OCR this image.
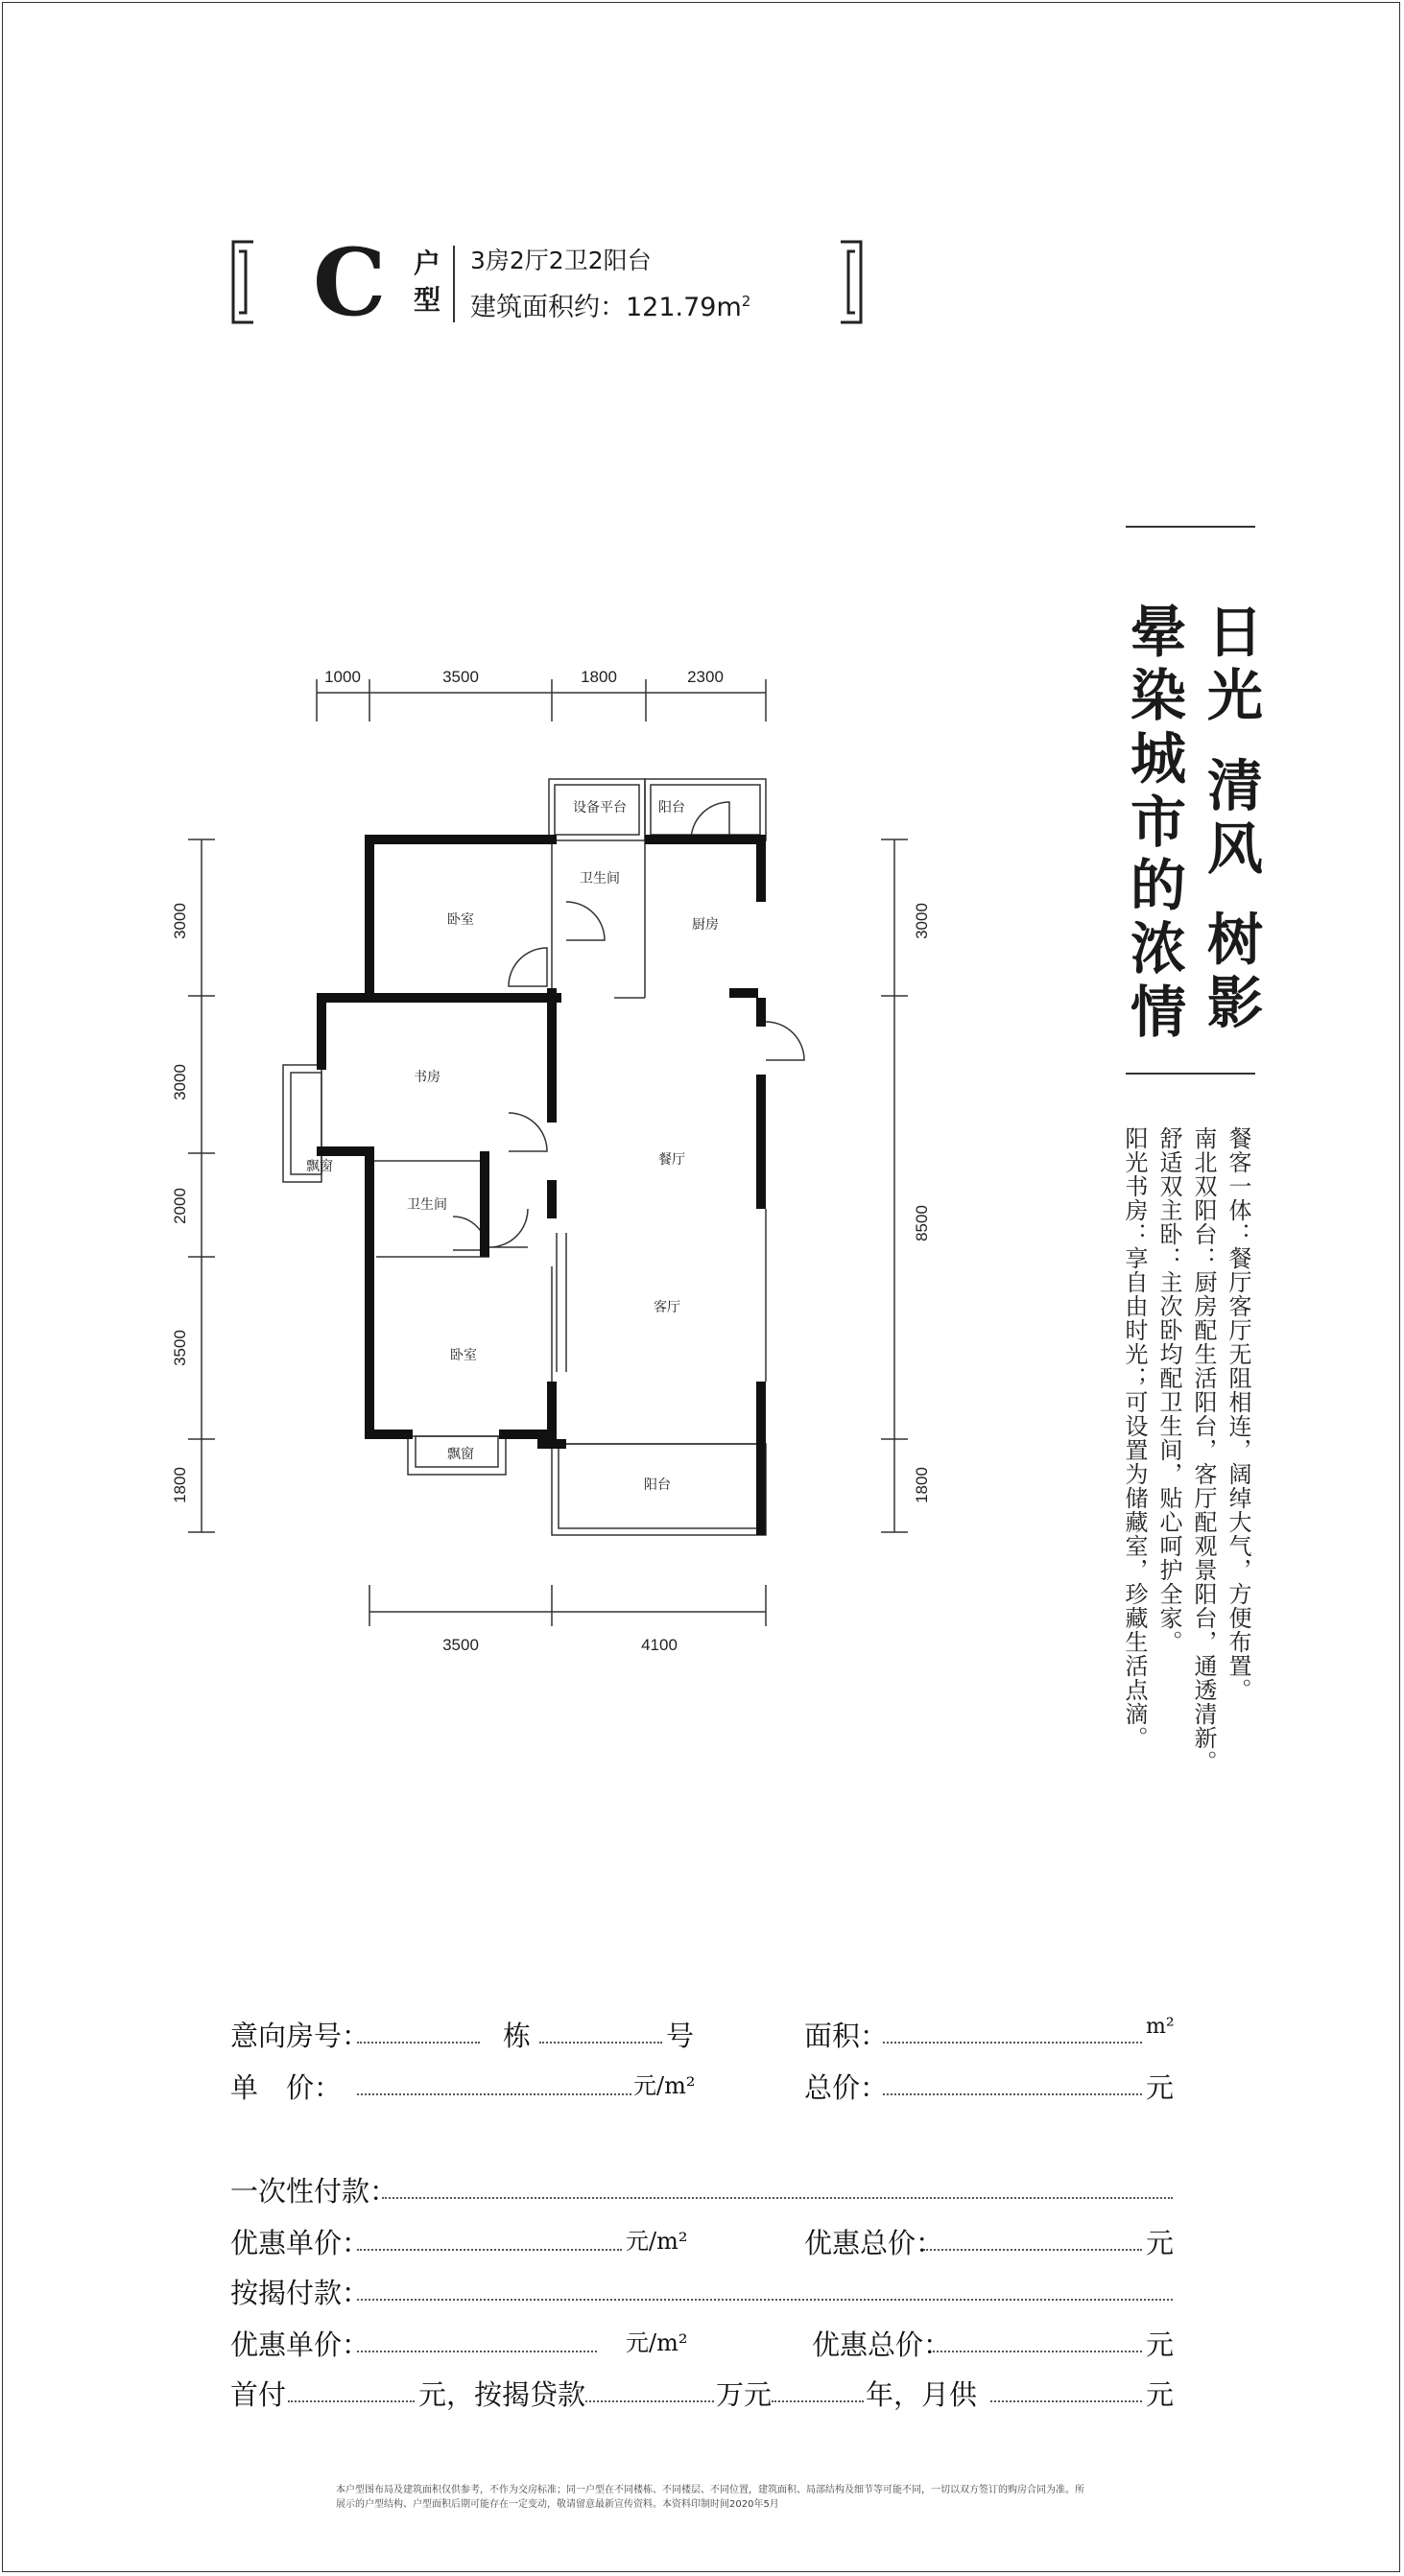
C 户型
3房2厅2卫2阳台
建筑面积约：$121.79m^2$
日光 清风 树影
晕染城市的浓情
餐客一体：餐厅客厅无阻相连，阔绰大气，方便布置。
南北双阳台：厨房配生活阳台，客厅配观景阳台，通透清新。
舒适双主卧：主次卧均配卫生间，贴心呵护全家。
阳光书房：享自由时光；可设置为储藏室，珍藏生活点滴。
1000	3500	1800	2300
3500	4100
3000
3000
2000
3500
1800
3000
8500
1800
设备平台 阳台
卫生间
厨房
卧室
书房
飘窗	餐厅
卫生间
客厅
卧室
飘窗
阳台
意向房号：	栋	号	面积：	m²
单　价：	元/m²	总价：	元
一次性付款：
优惠单价：	元/m²	优惠总价：	元
按揭付款：
优惠单价：	元/m²	优惠总价：	元
首付	元，按揭贷款	万元	年，月供	元
本户型图布局及建筑面积仅供参考，不作为交房标准；同一户型在不同楼栋、不同楼层、不同位置，建筑面积、局部结构及细节等可能不同，一切以双方签订的购房合同为准。所展示的户型结构、户型面积后期可能存在一定变动，敬请留意最新宣传资料。本资料印制时间2020年5月
